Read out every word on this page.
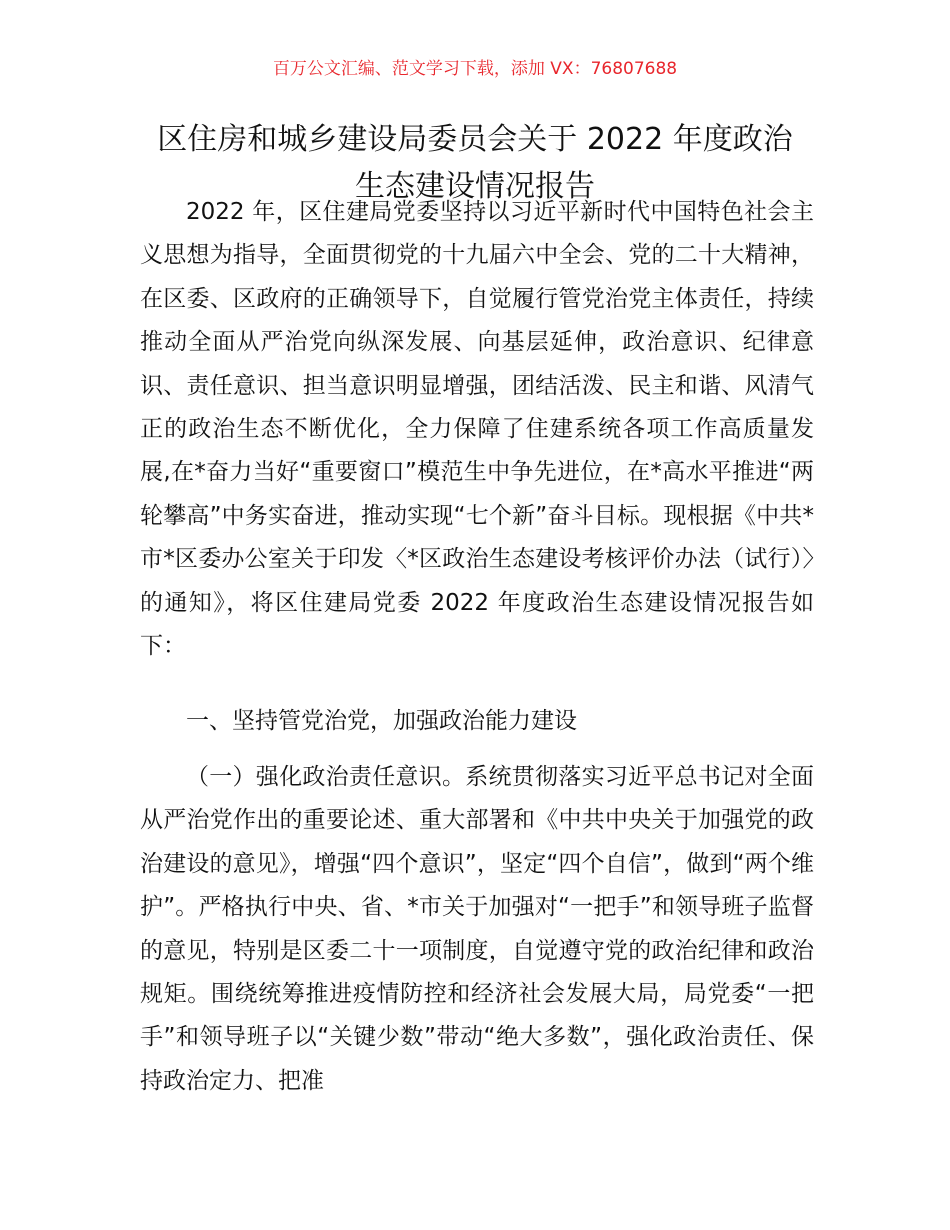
百万公文汇编、范文学习下载，添加 VX：76807688
区住房和城乡建设局委员会关于 2022 年度政治
生态建设情况报告

2022 年，区住建局党委坚持以习近平新时代中国特色社会主义思想为指导，全面贯彻党的十九届六中全会、党的二十大精神，在区委、区政府的正确领导下，自觉履行管党治党主体责任，持续推动全面从严治党向纵深发展、向基层延伸，政治意识、纪律意识、责任意识、担当意识明显增强，团结活泼、民主和谐、风清气正的政治生态不断优化，全力保障了住建系统各项工作高质量发展,在*奋力当好“重要窗口”模范生中争先进位，在*高水平推进“两轮攀高”中务实奋进，推动实现“七个新”奋斗目标。现根据《中共*市*区委办公室关于印发〈*区政治生态建设考核评价办法（试行）〉的通知》，将区住建局党委 2022 年度政治生态建设情况报告如下：

一、坚持管党治党，加强政治能力建设

（一）强化政治责任意识。系统贯彻落实习近平总书记对全面从严治党作出的重要论述、重大部署和《中共中央关于加强党的政治建设的意见》，增强“四个意识”，坚定“四个自信”，做到“两个维护”。严格执行中央、省、*市关于加强对“一把手”和领导班子监督的意见，特别是区委二十一项制度，自觉遵守党的政治纪律和政治规矩。围绕统筹推进疫情防控和经济社会发展大局，局党委“一把手”和领导班子以“关键少数”带动“绝大多数”，强化政治责任、保持政治定力、把准
